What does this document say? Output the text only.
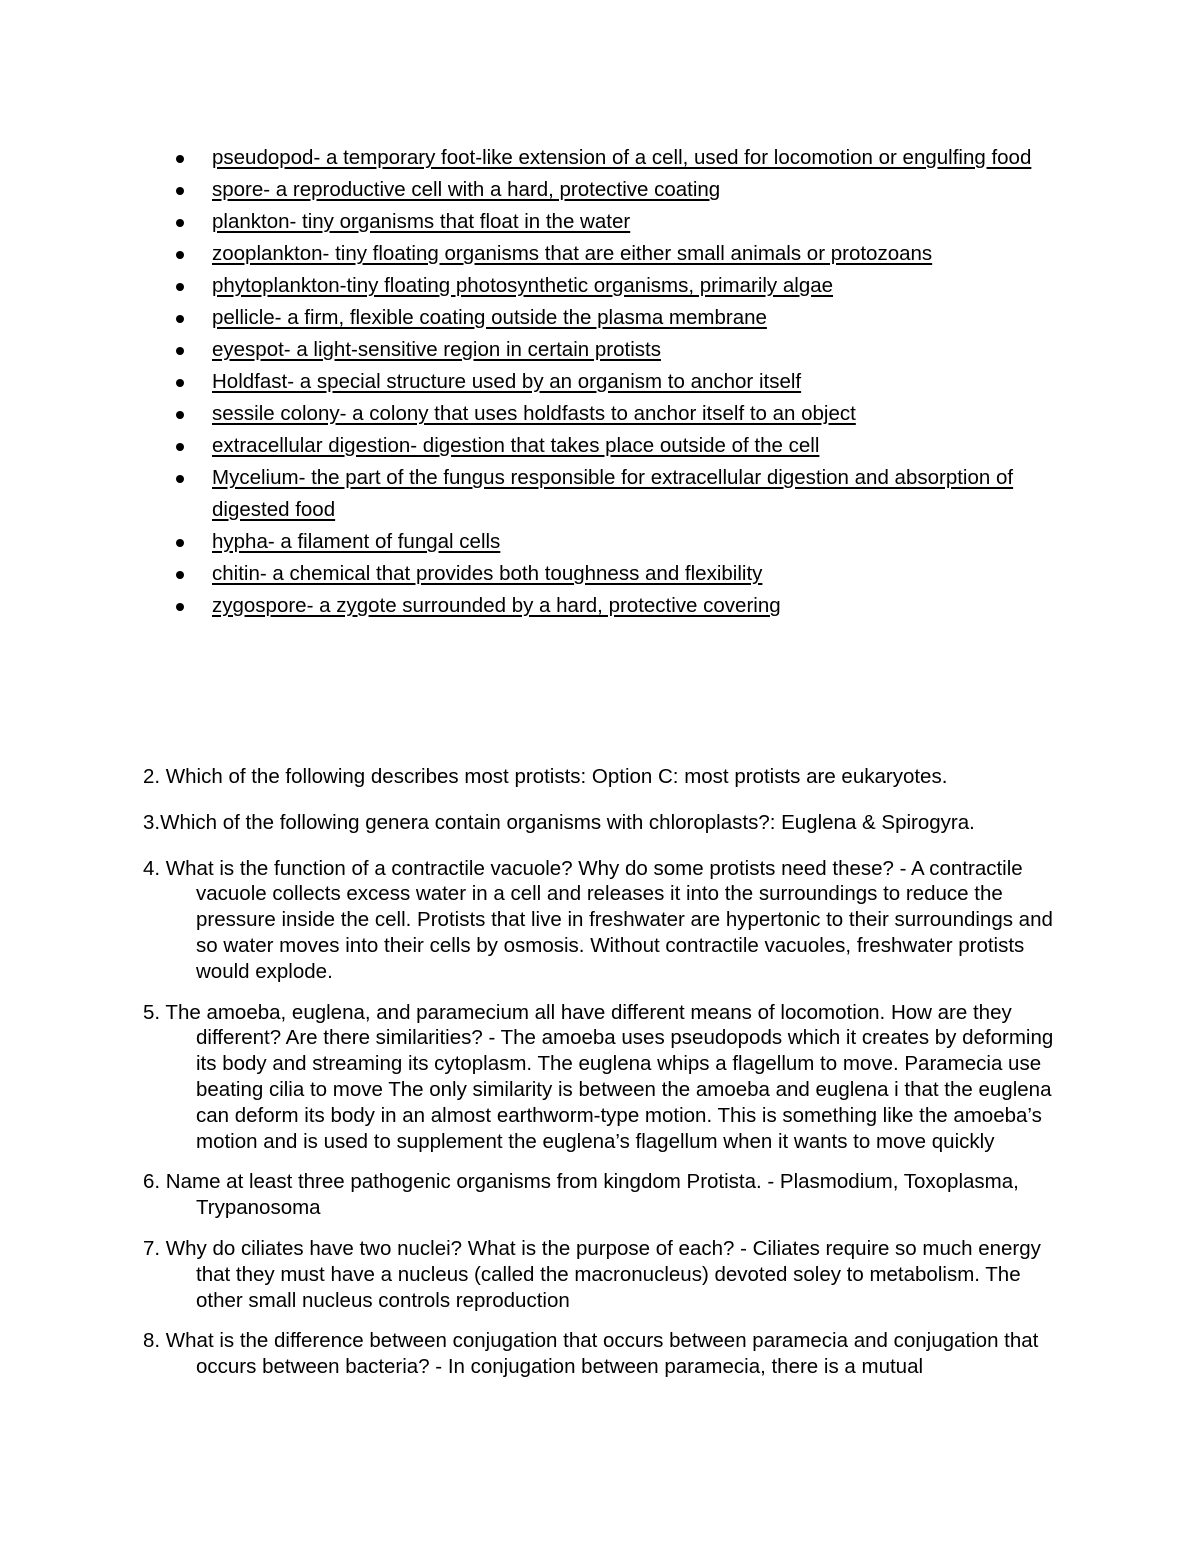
pseudopod- a temporary foot-like extension of a cell, used for locomotion or engulfing food
spore- a reproductive cell with a hard, protective coating
plankton- tiny organisms that float in the water
zooplankton- tiny floating organisms that are either small animals or protozoans
phytoplankton-tiny floating photosynthetic organisms, primarily algae
pellicle- a firm, flexible coating outside the plasma membrane
eyespot- a light-sensitive region in certain protists
Holdfast- a special structure used by an organism to anchor itself
sessile colony- a colony that uses holdfasts to anchor itself to an object
extracellular digestion- digestion that takes place outside of the cell
Mycelium- the part of the fungus responsible for extracellular digestion and absorption of digested food
hypha- a filament of fungal cells
chitin- a chemical that provides both toughness and flexibility
zygospore- a zygote surrounded by a hard, protective covering

2. Which of the following describes most protists: Option C: most protists are eukaryotes.

3.Which of the following genera contain organisms with chloroplasts?: Euglena & Spirogyra.

4. What is the function of a contractile vacuole? Why do some protists need these? - A contractile vacuole collects excess water in a cell and releases it into the surroundings to reduce the pressure inside the cell. Protists that live in freshwater are hypertonic to their surroundings and so water moves into their cells by osmosis. Without contractile vacuoles, freshwater protists would explode.

5. The amoeba, euglena, and paramecium all have different means of locomotion. How are they different? Are there similarities? - The amoeba uses pseudopods which it creates by deforming its body and streaming its cytoplasm. The euglena whips a flagellum to move. Paramecia use beating cilia to move The only similarity is between the amoeba and euglena i that the euglena can deform its body in an almost earthworm-type motion. This is something like the amoeba’s motion and is used to supplement the euglena’s flagellum when it wants to move quickly

6. Name at least three pathogenic organisms from kingdom Protista. - Plasmodium, Toxoplasma, Trypanosoma

7. Why do ciliates have two nuclei? What is the purpose of each? - Ciliates require so much energy that they must have a nucleus (called the macronucleus) devoted soley to metabolism. The other small nucleus controls reproduction

8. What is the difference between conjugation that occurs between paramecia and conjugation that occurs between bacteria? - In conjugation between paramecia, there is a mutual
